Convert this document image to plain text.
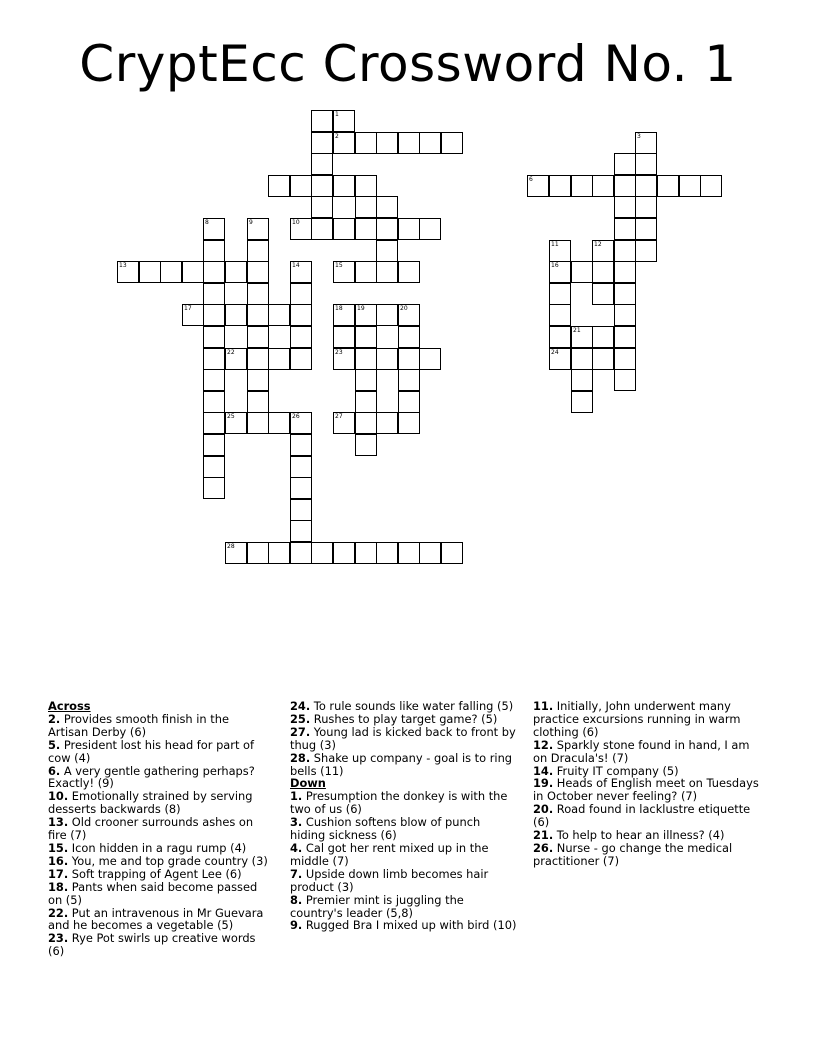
CryptEcc Crossword No. 1
1
2	3
6
8	9	10
11	12
13	14	15	16
17	18 19	20
21
22	23	24
25	26	27
28

Across

2. Provides smooth finish in the Artisan Derby (6)

5. President lost his head for part of cow (4)

6. A very gentle gathering perhaps? Exactly! (9)

10. Emotionally strained by serving desserts backwards (8)

13. Old crooner surrounds ashes on fire (7)

15. Icon hidden in a ragu rump (4)

16. You, me and top grade country (3)

17. Soft trapping of Agent Lee (6)

18. Pants when said become passed on (5)

22. Put an intravenous in Mr Guevara and he becomes a vegetable (5)

23. Rye Pot swirls up creative words (6)

24. To rule sounds like water falling (5)

25. Rushes to play target game? (5)

27. Young lad is kicked back to front by thug (3)

28. Shake up company - goal is to ring bells (11)

Down

1. Presumption the donkey is with the two of us (6)

3. Cushion softens blow of punch hiding sickness (6)

4. Cal got her rent mixed up in the middle (7)

7. Upside down limb becomes hair product (3)

8. Premier mint is juggling the country's leader (5,8)

9. Rugged Bra I mixed up with bird (10)

11. Initially, John underwent many practice excursions running in warm clothing (6)

12. Sparkly stone found in hand, I am on Dracula's! (7)

14. Fruity IT company (5)

19. Heads of English meet on Tuesdays in October never feeling? (7)

20. Road found in lacklustre etiquette (6)

21. To help to hear an illness? (4)

26. Nurse - go change the medical practitioner (7)
